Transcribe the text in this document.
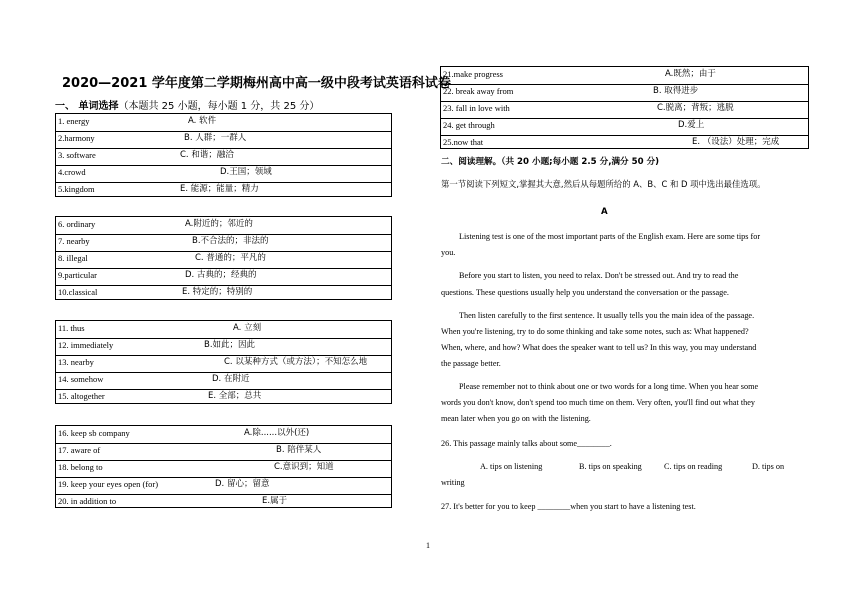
2020—2021 学年度第二学期梅州高中高一级中段考试英语科试卷
一、 单词选择（本题共 25 小题，每小题 1 分，共 25 分）
1. energy	A. 软件
2.harmony	B. 人群；一群人
3. software	C. 和谐；融洽
4.crowd	D.王国；领域
5.kingdom	E. 能源；能量；精力
6. ordinary	A.附近的；邻近的
7. nearby	B.不合法的；非法的
8. illegal	C. 普通的；平凡的
9.particular	D. 古典的；经典的
10.classical	E. 特定的；特别的
11. thus	A. 立刻
12. immediately	B.如此；因此
13. nearby	C. 以某种方式（或方法）；不知怎么地
14. somehow	D. 在附近
15. altogether	E. 全部；总共
16. keep sb company	A.除......以外(还)
17. aware of	B. 陪伴某人
18. belong to	C.意识到；知道
19. keep your eyes open (for)	D. 留心；留意
20. in addition to	E.属于
21.make progress	A.既然；由于
22. break away from	B. 取得进步
23. fall in love with	C.脱离；背叛；逃脱
24. get through	D.爱上
25.now that	E. （设法）处理；完成
二、阅读理解。（共 20 小题;每小题 2.5 分,满分 50 分)
第一节阅读下列短文,掌握其大意,然后从每题所给的 A、B、C 和 D 项中选出最佳选项。
A
Listening test is one of the most important parts of the English exam. Here are some tips for
you.
Before you start to listen, you need to relax. Don't be stressed out. And try to read the
questions. These questions usually help you understand the conversation or the passage.
Then listen carefully to the first sentence. It usually tells you the main idea of the passage.
When you're listening, try to do some thinking and take some notes, such as: What happened?
When, where, and how? What does the speaker want to tell us? In this way, you may understand
the passage better.
Please remember not to think about one or two words for a long time. When you hear some
words you don't know, don't spend too much time on them. Very often, you'll find out what they
mean later when you go on with the listening.
26. This passage mainly talks about some________.
A. tips on listening	B. tips on speaking	C. tips on reading	D. tips on
writing
27. It's better for you to keep ________when you start to have a listening test.
1
